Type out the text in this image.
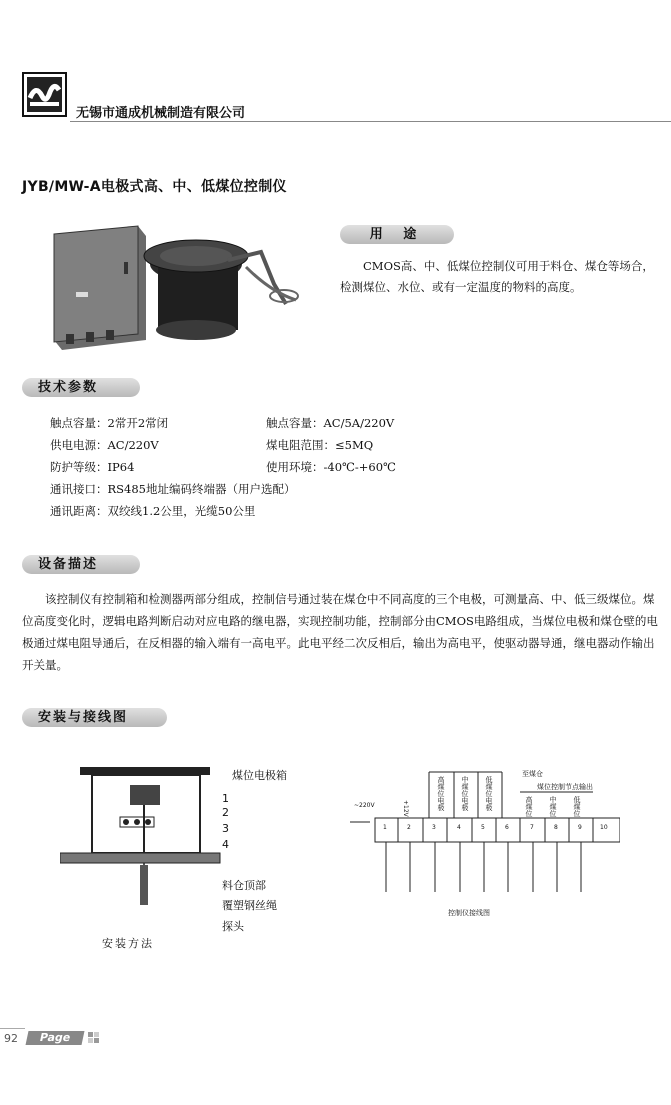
无锡市通成机械制造有限公司
JYB/MW-A电极式高、中、低煤位控制仪
用 途
CMOS高、中、低煤位控制仪可用于料仓、煤仓等场合，检测煤位、水位、或有一定温度的物料的高度。
技术参数
触点容量：2常开2常闭	触点容量：AC/5A/220V
供电电源：AC/220V	煤电阻范围：≤5MQ
防护等级：IP64	使用环境：-40℃-+60℃
通讯接口：RS485地址编码终端器（用户选配）
通讯距离：双绞线1.2公里，光缆50公里
设备描述
该控制仪有控制箱和检测器两部分组成，控制信号通过装在煤仓中不同高度的三个电极，可测量高、中、低三级煤位。煤位高度变化时，逻辑电路判断启动对应电路的继电器，实现控制功能，控制部分由CMOS电路组成，当煤位电极和煤仓壁的电极通过煤电阻导通后，在反相器的输入端有一高电平。此电平经二次反相后，输出为高电平，使驱动器导通，继电器动作输出开关量。
安装与接线图
煤位电极箱
1
2
3
4
料仓顶部
覆塑钢丝绳
探头
安装方法
~220V	+12V	高煤位电极 中煤位电极 低煤位电极
至煤仓
煤位控制节点输出
高煤位 中煤位 低煤位
1	2	3	4	5	6	7	8	9	10
控制仪接线图
92	Page
